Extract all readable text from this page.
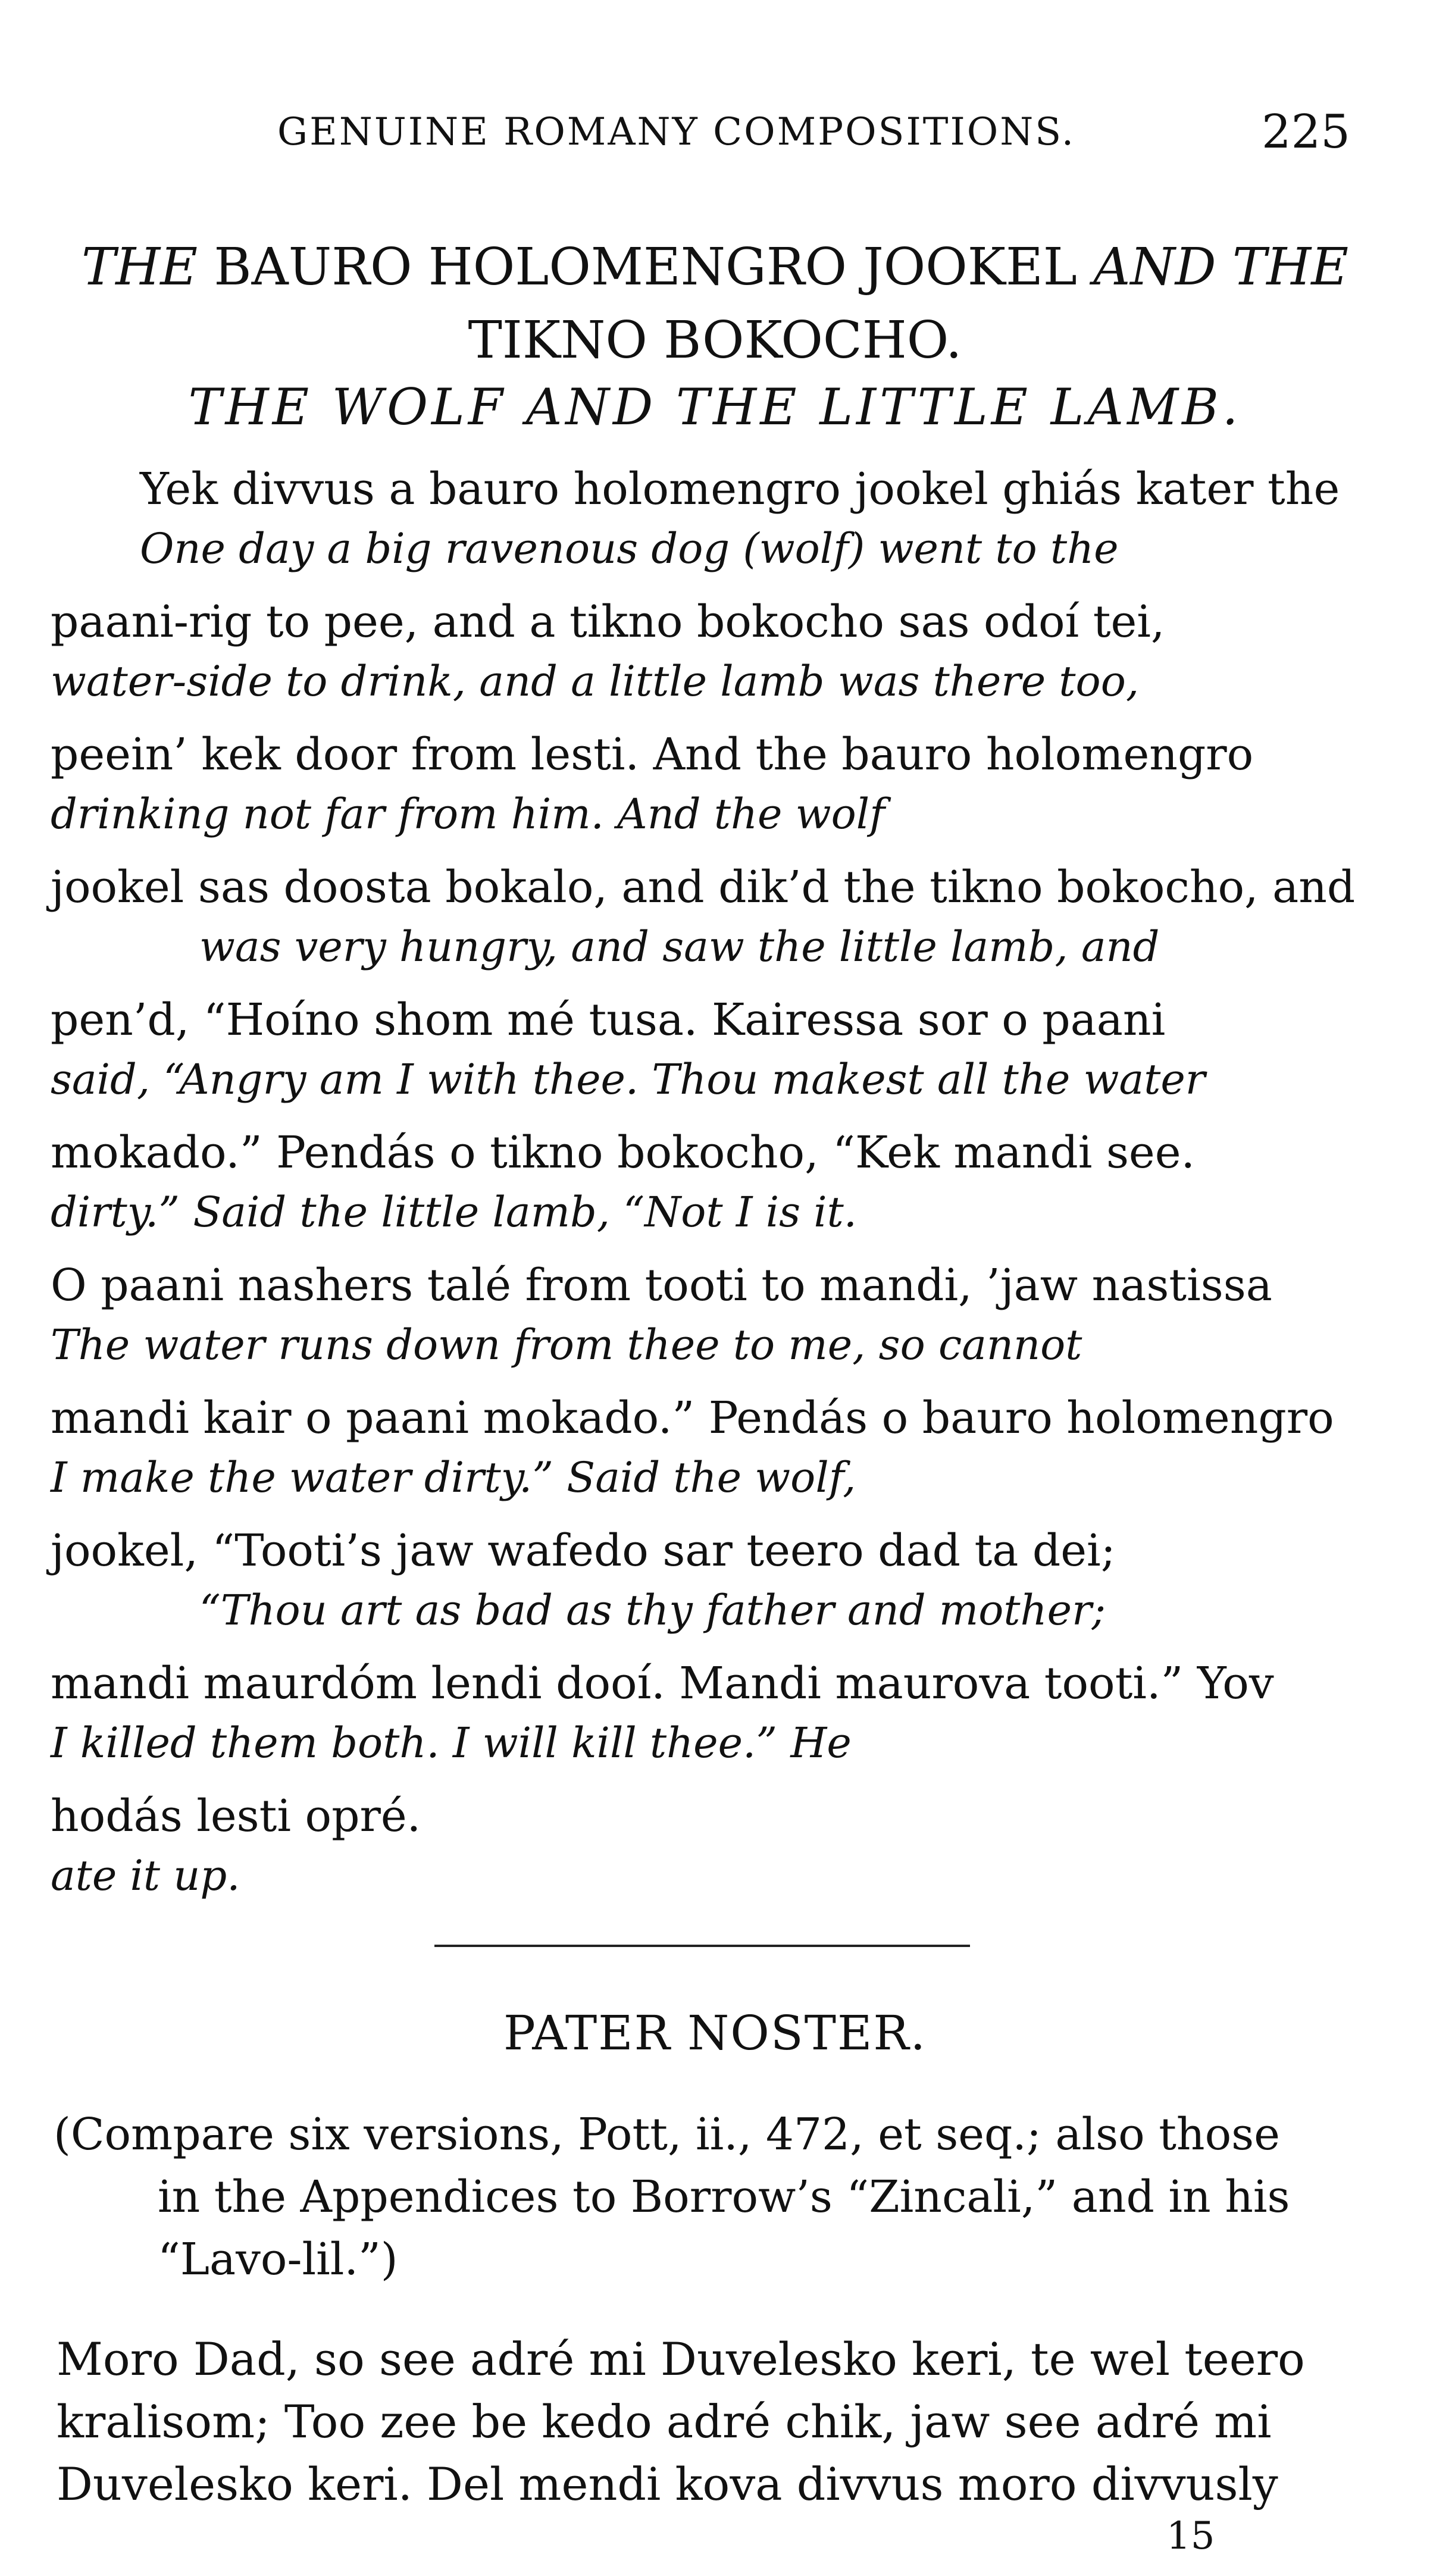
GENUINE ROMANY COMPOSITIONS.	225
THE BAURO HOLOMENGRO JOOKEL AND THE
TIKNO BOKOCHO.
THE WOLF AND THE LITTLE LAMB.
Yek divvus a bauro holomengro jookel ghiás kater the
One day a big ravenous dog (wolf) went to the
paani-rig to pee, and a tikno bokocho sas odoí tei,
water-side to drink, and a little lamb was there too,
peein’ kek door from lesti. And the bauro holomengro
drinking not far from him. And the wolf
jookel sas doosta bokalo, and dik’d the tikno bokocho, and
was very hungry, and saw the little lamb, and
pen’d, “Hoíno shom mé tusa. Kairessa sor o paani
said, “Angry am I with thee. Thou makest all the water
mokado.” Pendás o tikno bokocho, “Kek mandi see.
dirty.” Said the little lamb, “Not I is it.
O paani nashers talé from tooti to mandi, ’jaw nastissa
The water runs down from thee to me, so cannot
mandi kair o paani mokado.” Pendás o bauro holomengro
I make the water dirty.” Said the wolf,
jookel, “Tooti’s jaw wafedo sar teero dad ta dei;
“Thou art as bad as thy father and mother;
mandi maurdóm lendi dooí. Mandi maurova tooti.” Yov
I killed them both. I will kill thee.” He
hodás lesti opré.
ate it up.
PATER NOSTER.
(Compare six versions, Pott, ii., 472, et seq.; also those
in the Appendices to Borrow’s “Zincali,” and in his
“Lavo-lil.”)
Moro Dad, so see adré mi Duvelesko keri, te wel teero
kralisom; Too zee be kedo adré chik, jaw see adré mi
Duvelesko keri. Del mendi kova divvus moro divvusly
15
